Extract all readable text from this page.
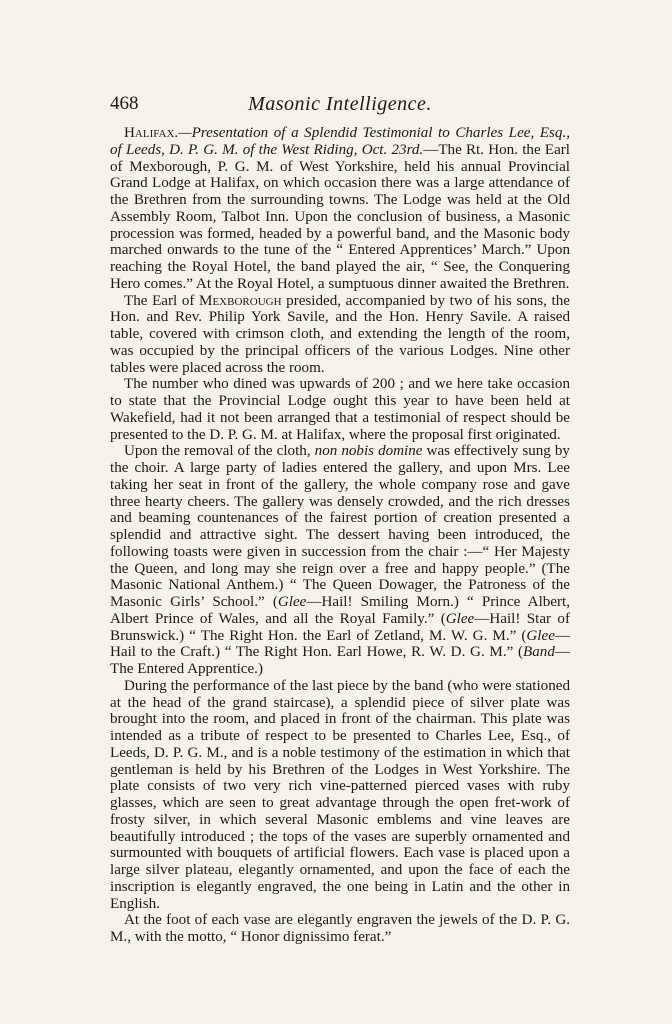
468	Masonic Intelligence.

Halifax.—Presentation of a Splendid Testimonial to Charles Lee, Esq., of Leeds, D. P. G. M. of the West Riding, Oct. 23rd.—The Rt. Hon. the Earl of Mexborough, P. G. M. of West Yorkshire, held his annual Provincial Grand Lodge at Halifax, on which occasion there was a large attendance of the Brethren from the surrounding towns. The Lodge was held at the Old Assembly Room, Talbot Inn. Upon the conclusion of business, a Masonic procession was formed, headed by a powerful band, and the Masonic body marched onwards to the tune of the “ Entered Apprentices’ March.” Upon reaching the Royal Hotel, the band played the air, “ See, the Conquering Hero comes.” At the Royal Hotel, a sumptuous dinner awaited the Brethren.

The Earl of Mexborough presided, accompanied by two of his sons, the Hon. and Rev. Philip York Savile, and the Hon. Henry Savile. A raised table, covered with crimson cloth, and extending the length of the room, was occupied by the principal officers of the various Lodges. Nine other tables were placed across the room.

The number who dined was upwards of 200 ; and we here take occasion to state that the Provincial Lodge ought this year to have been held at Wakefield, had it not been arranged that a testimonial of respect should be presented to the D. P. G. M. at Halifax, where the proposal first originated.

Upon the removal of the cloth, non nobis domine was effectively sung by the choir. A large party of ladies entered the gallery, and upon Mrs. Lee taking her seat in front of the gallery, the whole company rose and gave three hearty cheers. The gallery was densely crowded, and the rich dresses and beaming countenances of the fairest portion of creation presented a splendid and attractive sight. The dessert having been introduced, the following toasts were given in succession from the chair :—“ Her Majesty the Queen, and long may she reign over a free and happy people.” (The Masonic National Anthem.) “ The Queen Dowager, the Patroness of the Masonic Girls’ School.” (Glee—Hail! Smiling Morn.) “ Prince Albert, Albert Prince of Wales, and all the Royal Family.” (Glee—Hail! Star of Brunswick.) “ The Right Hon. the Earl of Zetland, M. W. G. M.” (Glee—Hail to the Craft.) “ The Right Hon. Earl Howe, R. W. D. G. M.” (Band—The Entered Apprentice.)

During the performance of the last piece by the band (who were stationed at the head of the grand staircase), a splendid piece of silver plate was brought into the room, and placed in front of the chairman. This plate was intended as a tribute of respect to be presented to Charles Lee, Esq., of Leeds, D. P. G. M., and is a noble testimony of the estimation in which that gentleman is held by his Brethren of the Lodges in West Yorkshire. The plate consists of two very rich vine-patterned pierced vases with ruby glasses, which are seen to great advantage through the open fret-work of frosty silver, in which several Masonic emblems and vine leaves are beautifully introduced ; the tops of the vases are superbly ornamented and surmounted with bouquets of artificial flowers. Each vase is placed upon a large silver plateau, elegantly ornamented, and upon the face of each the inscription is elegantly engraved, the one being in Latin and the other in English.

At the foot of each vase are elegantly engraven the jewels of the D. P. G. M., with the motto, “ Honor dignissimo ferat.”
